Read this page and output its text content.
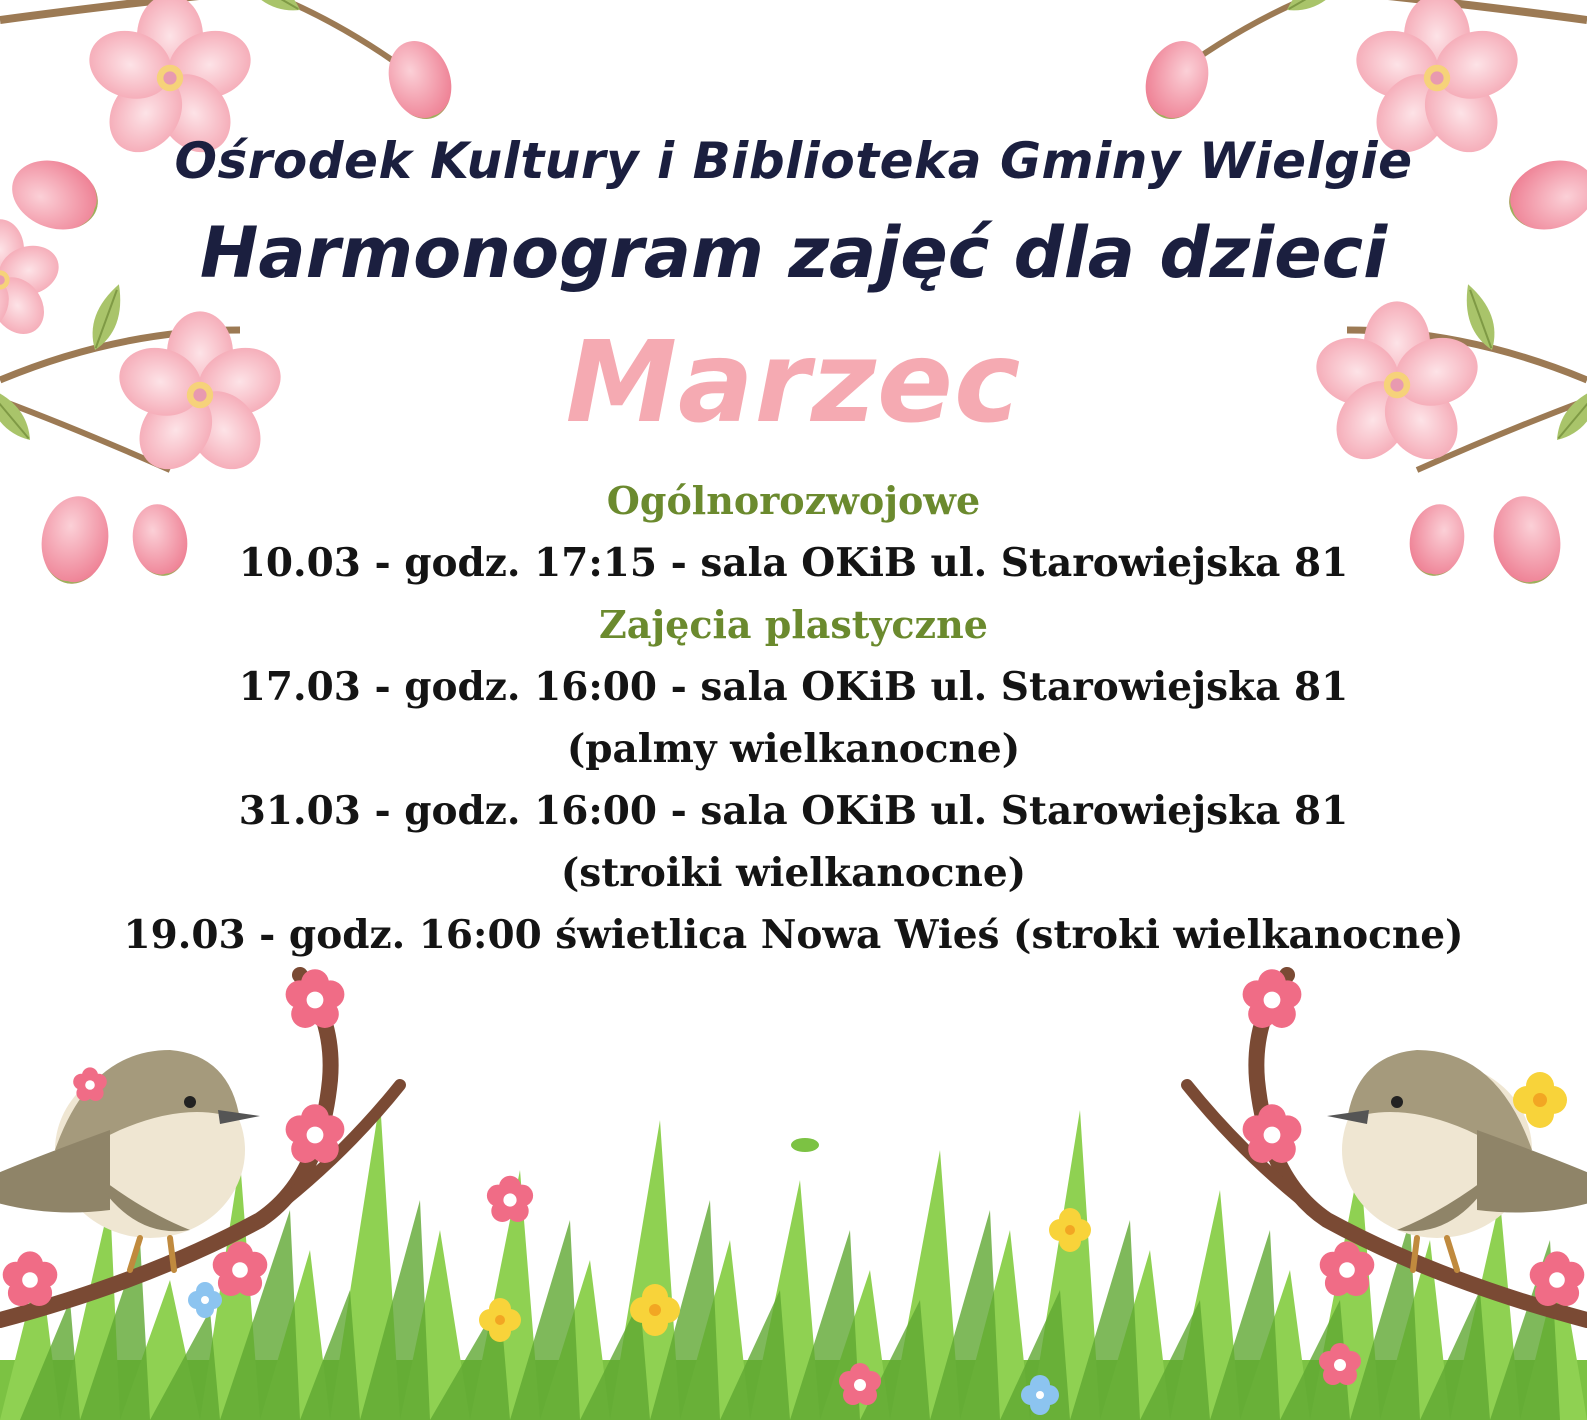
Ośrodek Kultury i Biblioteka Gminy Wielgie
Harmonogram zajęć dla dzieci
Marzec
Ogólnorozwojowe
10.03 - godz. 17:15 - sala OKiB ul. Starowiejska 81
Zajęcia plastyczne
17.03 - godz. 16:00 - sala OKiB ul. Starowiejska 81
(palmy wielkanocne)
31.03 - godz. 16:00 - sala OKiB ul. Starowiejska 81
(stroiki wielkanocne)
19.03 - godz. 16:00 świetlica Nowa Wieś (stroki wielkanocne)
